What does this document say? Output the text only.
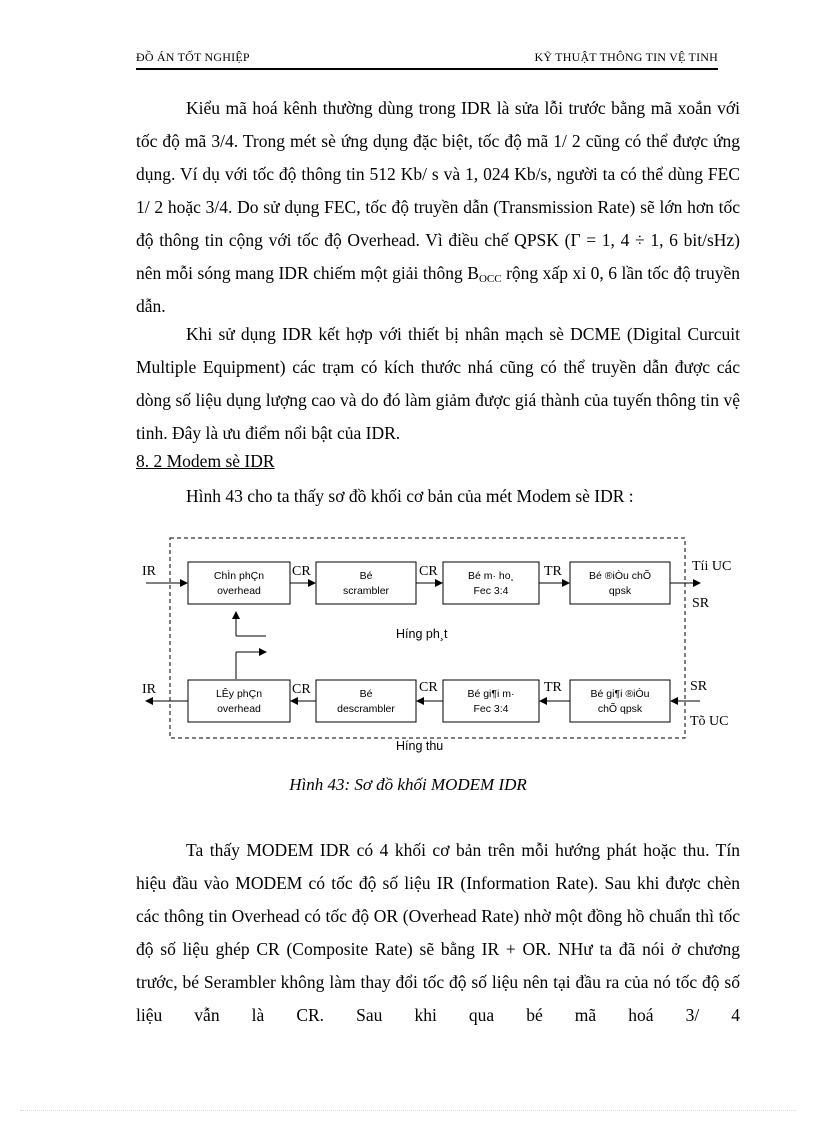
ĐỒ ÁN TỐT NGHIỆP	KỸ THUẬT THÔNG TIN VỆ TINH
Kiểu mã hoá kênh thường dùng trong IDR là sửa lỗi trước bằng mã xoắn với tốc độ mã 3/4. Trong mét sè ứng dụng đặc biệt, tốc độ mã 1/ 2 cũng có thể được ứng dụng. Ví dụ với tốc độ thông tin 512 Kb/ s và 1, 024 Kb/s, người ta có thể dùng FEC 1/ 2 hoặc 3/4. Do sử dụng FEC, tốc độ truyền dẫn (Transmission Rate) sẽ lớn hơn tốc độ thông tin cộng với tốc độ Overhead. Vì điều chế QPSK (Γ = 1, 4 ÷ 1, 6 bit/sHz) nên mỗi sóng mang IDR chiếm một giải thông $B_{OCC}$ rộng xấp xỉ 0, 6 lần tốc độ truyền dẫn.
Khi sử dụng IDR kết hợp với thiết bị nhân mạch sè DCME (Digital Curcuit Multiple Equipment) các trạm có kích thước nhá cũng có thể truyền dẫn được các dòng số liệu dụng lượng cao và do đó làm giảm được giá thành của tuyến thông tin vệ tinh. Đây là ưu điểm nổi bật của IDR.
8. 2 Modem sè IDR
Hình 43 cho ta thấy sơ đồ khối cơ bản của mét Modem sè IDR :
ChÌn phÇn
overhead
Bé
scrambler
Bé m· ho¸
Fec 3:4
Bé ®iÒu chÕ
qpsk
IR	CR	CR	TR	Tíi UC
SR
Híng ph¸t
LÊy phÇn
overhead
Bé
descrambler
Bé gi¶i m·
Fec 3:4
Bé gi¶i ®iÒu
chÕ qpsk
IR	CR	CR	TR	SR
Tõ UC
Híng thu
Hình 43: Sơ đồ khối MODEM IDR
Ta thấy MODEM IDR có 4 khối cơ bản trên mỗi hướng phát hoặc thu. Tín hiệu đầu vào MODEM có tốc độ số liệu IR (Information Rate). Sau khi được chèn các thông tin Overhead có tốc độ OR (Overhead Rate) nhờ một đồng hồ chuẩn thì tốc độ số liệu ghép CR (Composite Rate) sẽ bằng IR + OR. NHư ta đã nói ở chương trước, bé Serambler không làm thay đổi tốc độ số liệu nên tại đầu ra của nó tốc độ số liệu vẫn là CR. Sau khi qua bé mã hoá 3/ 4
